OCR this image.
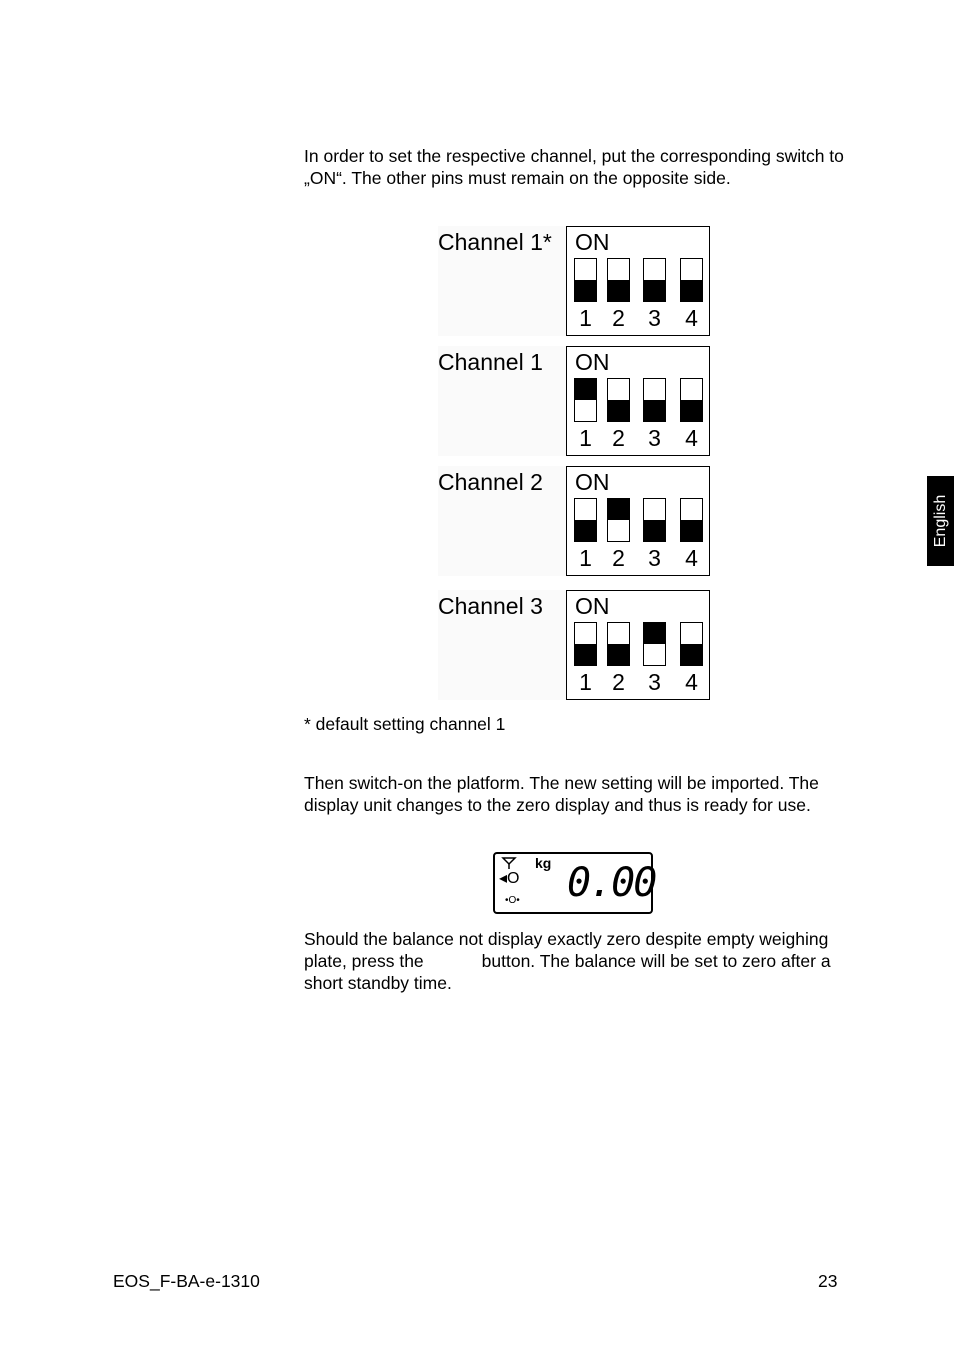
In order to set the respective channel, put the corresponding switch to „ON“. The other pins must remain on the opposite side.

Channel 1*	ON
1 2 3 4
Channel 1	ON
1 2 3 4
Channel 2	ON
1 2 3 4
Channel 3	ON
1 2 3 4
* default setting channel 1

Then switch-on the platform. The new setting will be imported. The display unit changes to the zero display and thus is ready for use.

kg
◂O
•O• 0.00

Should the balance not display exactly zero despite empty weighing plate, press the	button. The balance will be set to zero after a short standby time.

English
EOS_F-BA-e-1310	23
